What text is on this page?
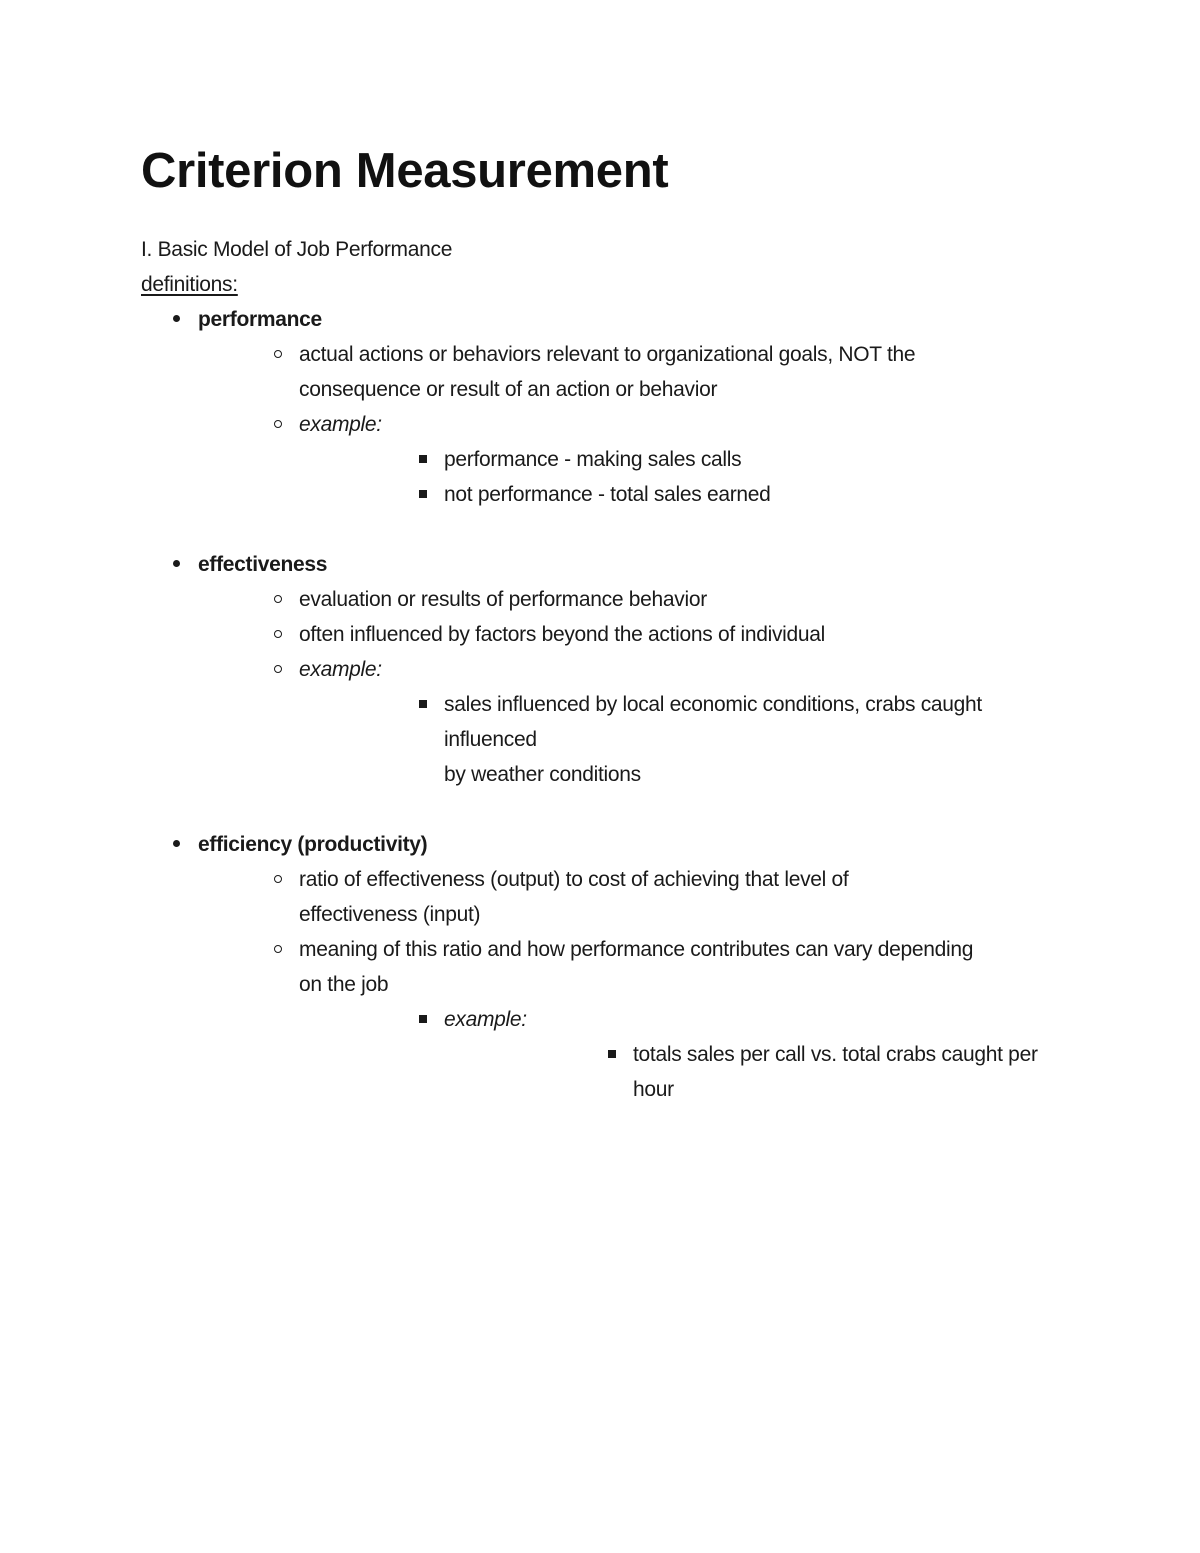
Criterion Measurement

I. Basic Model of Job Performance

definitions:

performance
actual actions or behaviors relevant to organizational goals, NOT the
consequence or result of an action or behavior
example:
performance - making sales calls
not performance - total sales earned
effectiveness
evaluation or results of performance behavior
often influenced by factors beyond the actions of individual
example:
sales influenced by local economic conditions, crabs caught influenced
by weather conditions
efficiency (productivity)
ratio of effectiveness (output) to cost of achieving that level of
effectiveness (input)
meaning of this ratio and how performance contributes can vary depending
on the job
example:
totals sales per call vs. total crabs caught per hour
